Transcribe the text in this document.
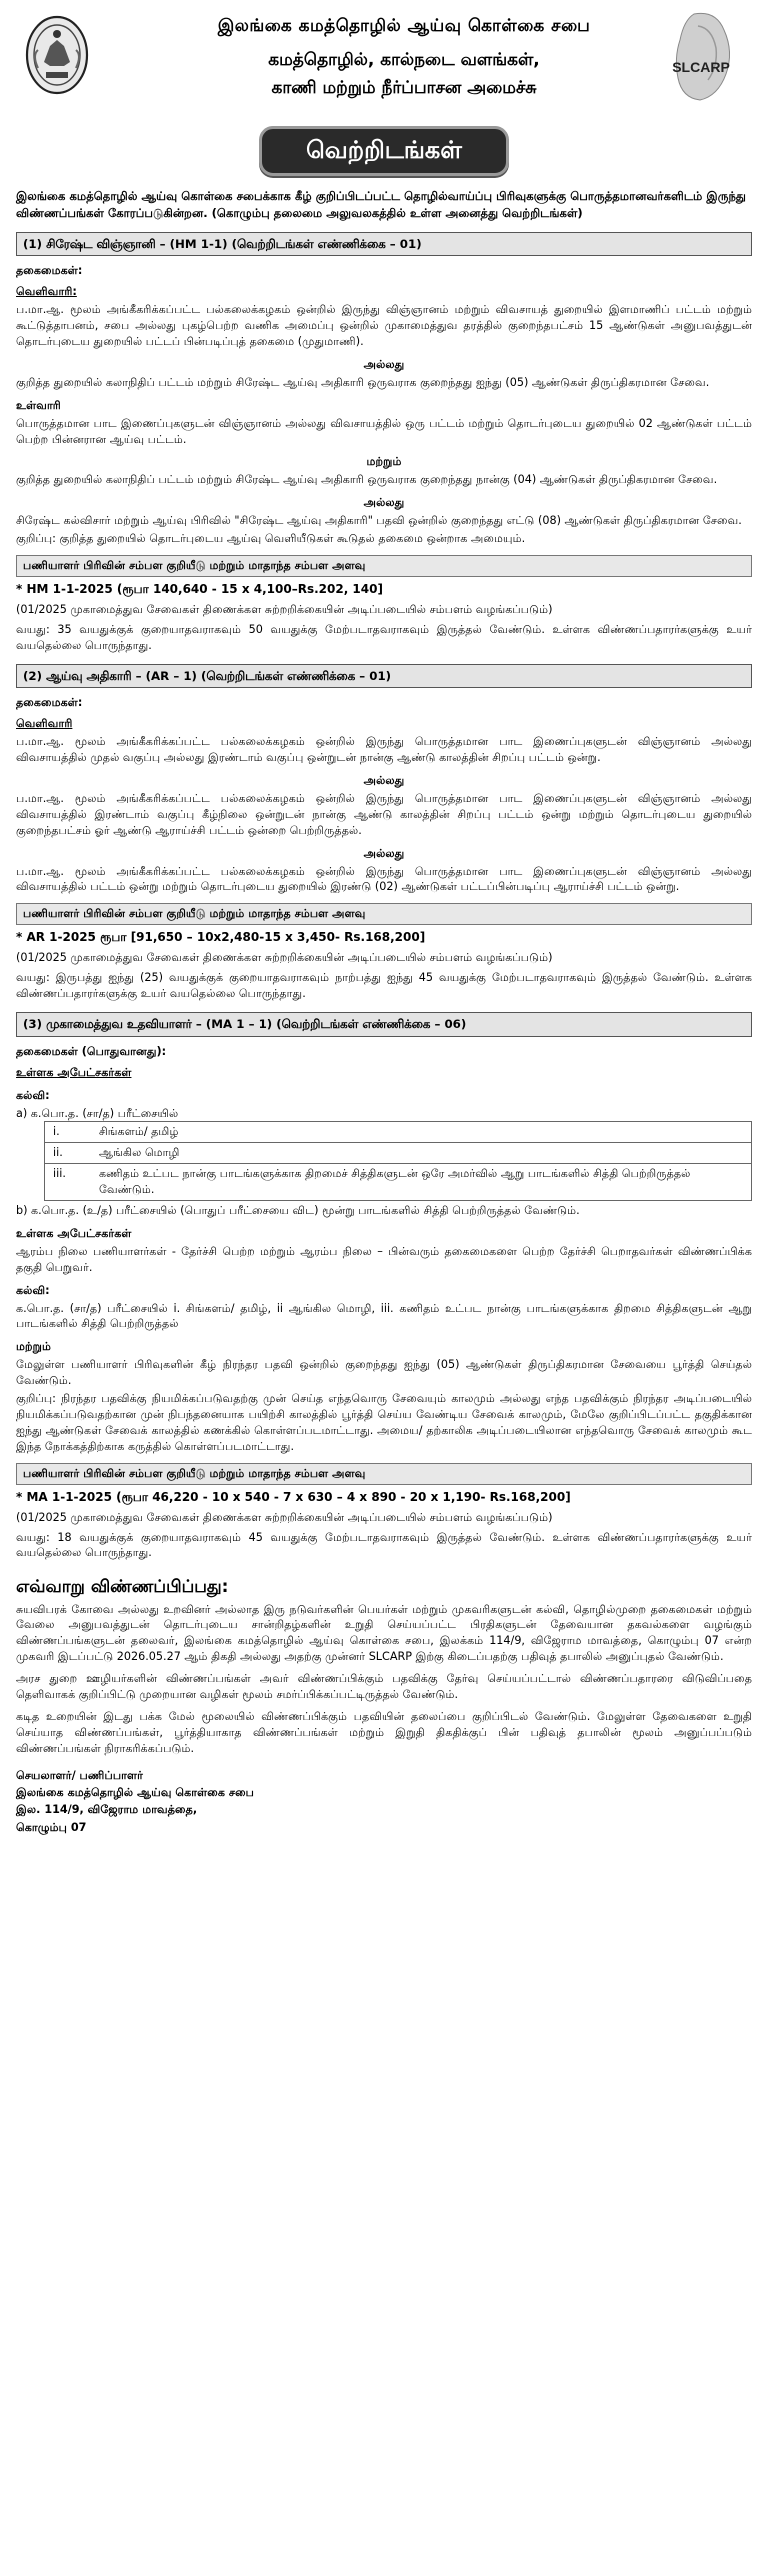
இலங்கை கமத்தொழில் ஆய்வு கொள்கை சபை
கமத்தொழில், கால்நடை வளங்கள்,
காணி மற்றும் நீர்ப்பாசன அமைச்சு
SLCARP
வெற்றிடங்கள்
இலங்கை கமத்தொழில் ஆய்வு கொள்கை சபைக்காக கீழ் குறிப்பிடப்பட்ட தொழில்வாய்ப்பு பிரிவுகளுக்கு பொருத்தமானவர்களிடம் இருந்து விண்ணப்பங்கள் கோரப்படுகின்றன. (கொழும்பு தலைமை அலுவலகத்தில் உள்ள அனைத்து வெற்றிடங்கள்)
(1) சிரேஷ்ட விஞ்ஞானி – (HM 1-1) (வெற்றிடங்கள் எண்ணிக்கை – 01)
தகைமைகள்:
வெளிவாரி:
ப.மா.ஆ. மூலம் அங்கீகரிக்கப்பட்ட பல்கலைக்கழகம் ஒன்றில் இருந்து விஞ்ஞானம் மற்றும் விவசாயத் துறையில் இளமாணிப் பட்டம் மற்றும் கூட்டுத்தாபனம், சபை அல்லது புகழ்பெற்ற வணிக அமைப்பு ஒன்றில் முகாமைத்துவ தரத்தில் குறைந்தபட்சம் 15 ஆண்டுகள் அனுபவத்துடன் தொடர்புடைய துறையில் பட்டப் பின்படிப்புத் தகைமை (முதுமாணி).
அல்லது
குறித்த துறையில் கலாநிதிப் பட்டம் மற்றும் சிரேஷ்ட ஆய்வு அதிகாரி ஒருவராக குறைந்தது ஐந்து (05) ஆண்டுகள் திருப்திகரமான சேவை.
உள்வாரி
பொருத்தமான பாட இணைப்புகளுடன் விஞ்ஞானம் அல்லது விவசாயத்தில் ஒரு பட்டம் மற்றும் தொடர்புடைய துறையில் 02 ஆண்டுகள் பட்டம் பெற்ற பின்னரான ஆய்வு பட்டம்.
மற்றும்
குறித்த துறையில் கலாநிதிப் பட்டம் மற்றும் சிரேஷ்ட ஆய்வு அதிகாரி ஒருவராக குறைந்தது நான்கு (04) ஆண்டுகள் திருப்திகரமான சேவை.
அல்லது
சிரேஷ்ட கல்விசார் மற்றும் ஆய்வு பிரிவில் "சிரேஷ்ட ஆய்வு அதிகாரி" பதவி ஒன்றில் குறைந்தது எட்டு (08) ஆண்டுகள் திருப்திகரமான சேவை.
குறிப்பு: குறித்த துறையில் தொடர்புடைய ஆய்வு வெளியீடுகள் கூடுதல் தகைமை ஒன்றாக அமையும்.
பணியாளர் பிரிவின் சம்பள குறியீடு மற்றும் மாதாந்த சம்பள அளவு
* HM 1-1-2025 (ரூபா 140,640 - 15 x 4,100–Rs.202, 140]
(01/2025 முகாமைத்துவ சேவைகள் திணைக்கள சுற்றறிக்கையின் அடிப்படையில் சம்பளம் வழங்கப்படும்)
வயது: 35 வயதுக்குக் குறையாதவராகவும் 50 வயதுக்கு மேற்படாதவராகவும் இருத்தல் வேண்டும். உள்ளக விண்ணப்பதாரர்களுக்கு உயர் வயதெல்லை பொருந்தாது.
(2) ஆய்வு அதிகாரி – (AR – 1) (வெற்றிடங்கள் எண்ணிக்கை – 01)
தகைமைகள்:
வெளிவாரி
ப.மா.ஆ. மூலம் அங்கீகரிக்கப்பட்ட பல்கலைக்கழகம் ஒன்றில் இருந்து பொருத்தமான பாட இணைப்புகளுடன் விஞ்ஞானம் அல்லது விவசாயத்தில் முதல் வகுப்பு அல்லது இரண்டாம் வகுப்பு ஒன்றுடன் நான்கு ஆண்டு காலத்தின் சிறப்பு பட்டம் ஒன்று.
அல்லது
ப.மா.ஆ. மூலம் அங்கீகரிக்கப்பட்ட பல்கலைக்கழகம் ஒன்றில் இருந்து பொருத்தமான பாட இணைப்புகளுடன் விஞ்ஞானம் அல்லது விவசாயத்தில் இரண்டாம் வகுப்பு கீழ்நிலை ஒன்றுடன் நான்கு ஆண்டு காலத்தின் சிறப்பு பட்டம் ஒன்று மற்றும் தொடர்புடைய துறையில் குறைந்தபட்சம் ஓர் ஆண்டு ஆராய்ச்சி பட்டம் ஒன்றை பெற்றிருத்தல்.
அல்லது
ப.மா.ஆ. மூலம் அங்கீகரிக்கப்பட்ட பல்கலைக்கழகம் ஒன்றில் இருந்து பொருத்தமான பாட இணைப்புகளுடன் விஞ்ஞானம் அல்லது விவசாயத்தில் பட்டம் ஒன்று மற்றும் தொடர்புடைய துறையில் இரண்டு (02) ஆண்டுகள் பட்டப்பின்படிப்பு ஆராய்ச்சி பட்டம் ஒன்று.
பணியாளர் பிரிவின் சம்பள குறியீடு மற்றும் மாதாந்த சம்பள அளவு
* AR 1-2025 ரூபா [91,650 – 10x2,480-15 x 3,450- Rs.168,200]
(01/2025 முகாமைத்துவ சேவைகள் திணைக்கள சுற்றறிக்கையின் அடிப்படையில் சம்பளம் வழங்கப்படும்)
வயது: இருபத்து ஐந்து (25) வயதுக்குக் குறையாதவராகவும் நாற்பத்து ஐந்து 45 வயதுக்கு மேற்படாதவராகவும் இருத்தல் வேண்டும். உள்ளக விண்ணப்பதாரர்களுக்கு உயர் வயதெல்லை பொருந்தாது.
(3) முகாமைத்துவ உதவியாளர் – (MA 1 – 1) (வெற்றிடங்கள் எண்ணிக்கை – 06)
தகைமைகள் (பொதுவானது):
உள்ளக அபேட்சகர்கள்
கல்வி:
a) க.பொ.த. (சா/த) பரீட்சையில்
i.	சிங்களம்/ தமிழ்
ii.	ஆங்கில மொழி
iii.	கணிதம் உட்பட நான்கு பாடங்களுக்காக திறமைச் சித்திகளுடன் ஒரே அமர்வில் ஆறு பாடங்களில் சித்தி பெற்றிருத்தல் வேண்டும்.
b) க.பொ.த. (உ/த) பரீட்சையில் (பொதுப் பரீட்சையை விட) மூன்று பாடங்களில் சித்தி பெற்றிருத்தல் வேண்டும்.
உள்ளக அபேட்சகர்கள்
ஆரம்ப நிலை பணியாளர்கள் - தேர்ச்சி பெற்ற மற்றும் ஆரம்ப நிலை – பின்வரும் தகைமைகளை பெற்ற தேர்ச்சி பெறாதவர்கள் விண்ணப்பிக்க தகுதி பெறுவர்.
கல்வி:
க.பொ.த. (சா/த) பரீட்சையில் i. சிங்களம்/ தமிழ், ii ஆங்கில மொழி, iii. கணிதம் உட்பட நான்கு பாடங்களுக்காக திறமை சித்திகளுடன் ஆறு பாடங்களில் சித்தி பெற்றிருத்தல்
மற்றும்
மேலுள்ள பணியாளர் பிரிவுகளின் கீழ் நிரந்தர பதவி ஒன்றில் குறைந்தது ஐந்து (05) ஆண்டுகள் திருப்திகரமான சேவையை பூர்த்தி செய்தல் வேண்டும்.
குறிப்பு: நிரந்தர பதவிக்கு நியமிக்கப்படுவதற்கு முன் செய்த எந்தவொரு சேவையும் காலமும் அல்லது எந்த பதவிக்கும் நிரந்தர அடிப்படையில் நியமிக்கப்படுவதற்கான முன் நிபந்தனையாக பயிற்சி காலத்தில் பூர்த்தி செய்ய வேண்டிய சேவைக் காலமும், மேலே குறிப்பிடப்பட்ட தகுதிக்கான ஐந்து ஆண்டுகள் சேவைக் காலத்தில் கணக்கில் கொள்ளப்படமாட்டாது. அமைய/ தற்காலிக அடிப்படையிலான எந்தவொரு சேவைக் காலமும் கூட இந்த நோக்கத்திற்காக கருத்தில் கொள்ளப்படமாட்டாது.
பணியாளர் பிரிவின் சம்பள குறியீடு மற்றும் மாதாந்த சம்பள அளவு
* MA 1-1-2025 (ரூபா 46,220 - 10 x 540 - 7 x 630 – 4 x 890 - 20 x 1,190- Rs.168,200]
(01/2025 முகாமைத்துவ சேவைகள் திணைக்கள சுற்றறிக்கையின் அடிப்படையில் சம்பளம் வழங்கப்படும்)
வயது: 18 வயதுக்குக் குறையாதவராகவும் 45 வயதுக்கு மேற்படாதவராகவும் இருத்தல் வேண்டும். உள்ளக விண்ணப்பதாரர்களுக்கு உயர் வயதெல்லை பொருந்தாது.
எவ்வாறு விண்ணப்பிப்பது:
சுயவிபரக் கோவை அல்லது உறவினர் அல்லாத இரு நடுவர்களின் பெயர்கள் மற்றும் முகவரிகளுடன் கல்வி, தொழில்முறை தகைமைகள் மற்றும் வேலை அனுபவத்துடன் தொடர்புடைய சான்றிதழ்களின் உறுதி செய்யப்பட்ட பிரதிகளுடன் தேவையான தகவல்களை வழங்கும் விண்ணப்பங்களுடன் தலைவர், இலங்கை கமத்தொழில் ஆய்வு கொள்கை சபை, இலக்கம் 114/9, விஜேராம மாவத்தை, கொழும்பு 07 என்ற முகவரி இடப்பட்டு 2026.05.27 ஆம் திகதி அல்லது அதற்கு முன்னர் SLCARP இற்கு கிடைப்பதற்கு பதிவுத் தபாலில் அனுப்புதல் வேண்டும்.
அரச துறை ஊழியர்களின் விண்ணப்பங்கள் அவர் விண்ணப்பிக்கும் பதவிக்கு தேர்வு செய்யப்பட்டால் விண்ணப்பதாரரை விடுவிப்பதை தெளிவாகக் குறிப்பிட்டு முறையான வழிகள் மூலம் சமர்ப்பிக்கப்பட்டிருத்தல் வேண்டும்.
கடித உறையின் இடது பக்க மேல் மூலையில் விண்ணப்பிக்கும் பதவியின் தலைப்பை குறிப்பிடல் வேண்டும். மேலுள்ள தேவைகளை உறுதி செய்யாத விண்ணப்பங்கள், பூர்த்தியாகாத விண்ணப்பங்கள் மற்றும் இறுதி திகதிக்குப் பின் பதிவுத் தபாலின் மூலம் அனுப்பப்படும் விண்ணப்பங்கள் நிராகரிக்கப்படும்.
செயலாளர்/ பணிப்பாளர்
இலங்கை கமத்தொழில் ஆய்வு கொள்கை சபை
இல. 114/9, விஜேராம மாவத்தை,
கொழும்பு 07
